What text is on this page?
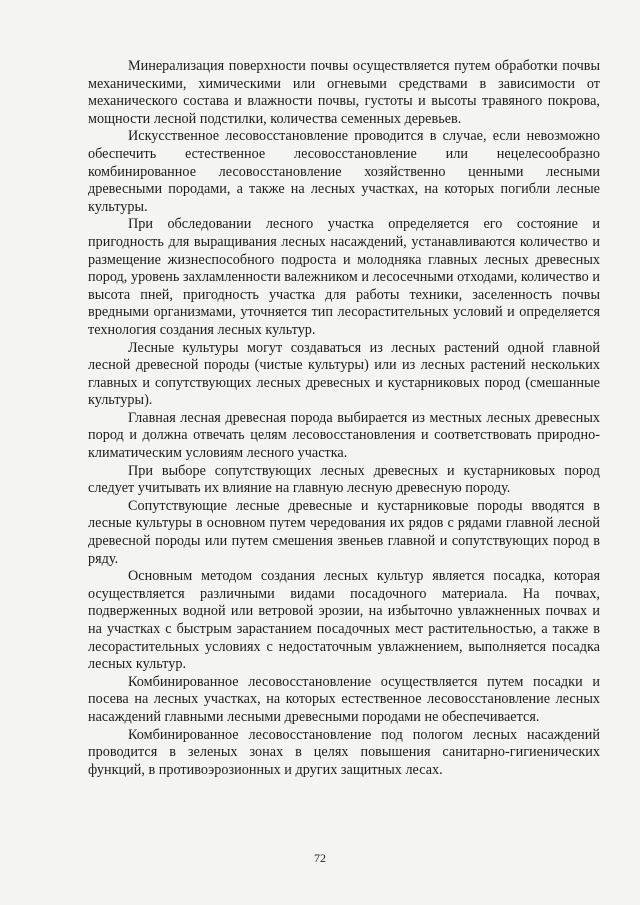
Минерализация поверхности почвы осуществляется путем обработки почвы механическими, химическими или огневыми средствами в зависимости от механического состава и влажности почвы, густоты и высоты травяного покрова, мощности лесной подстилки, количества семенных деревьев.

Искусственное лесовосстановление проводится в случае, если невозможно обеспечить естественное лесовосстановление или нецелесообразно комбинированное лесовосстановление хозяйственно ценными лесными древесными породами, а также на лесных участках, на которых погибли лесные культуры.

При обследовании лесного участка определяется его состояние и пригодность для выращивания лесных насаждений, устанавливаются количество и размещение жизнеспособного подроста и молодняка главных лесных древесных пород, уровень захламленности валежником и лесосечными отходами, количество и высота пней, пригодность участка для работы техники, заселенность почвы вредными организмами, уточняется тип лесорастительных условий и определяется технология создания лесных культур.

Лесные культуры могут создаваться из лесных растений одной главной лесной древесной породы (чистые культуры) или из лесных растений нескольких главных и сопутствующих лесных древесных и кустарниковых пород (смешанные культуры).

Главная лесная древесная порода выбирается из местных лесных древесных пород и должна отвечать целям лесовосстановления и соответствовать природно-климатическим условиям лесного участка.

При выборе сопутствующих лесных древесных и кустарниковых пород следует учитывать их влияние на главную лесную древесную породу.

Сопутствующие лесные древесные и кустарниковые породы вводятся в лесные культуры в основном путем чередования их рядов с рядами главной лесной древесной породы или путем смешения звеньев главной и сопутствующих пород в ряду.

Основным методом создания лесных культур является посадка, которая осуществляется различными видами посадочного материала. На почвах, подверженных водной или ветровой эрозии, на избыточно увлажненных почвах и на участках с быстрым зарастанием посадочных мест растительностью, а также в лесорастительных условиях с недостаточным увлажнением, выполняется посадка лесных культур.

Комбинированное лесовосстановление осуществляется путем посадки и посева на лесных участках, на которых естественное лесовосстановление лесных насаждений главными лесными древесными породами не обеспечивается.

Комбинированное лесовосстановление под пологом лесных насаждений проводится в зеленых зонах в целях повышения санитарно-гигиенических функций, в противоэрозионных и других защитных лесах.

72
